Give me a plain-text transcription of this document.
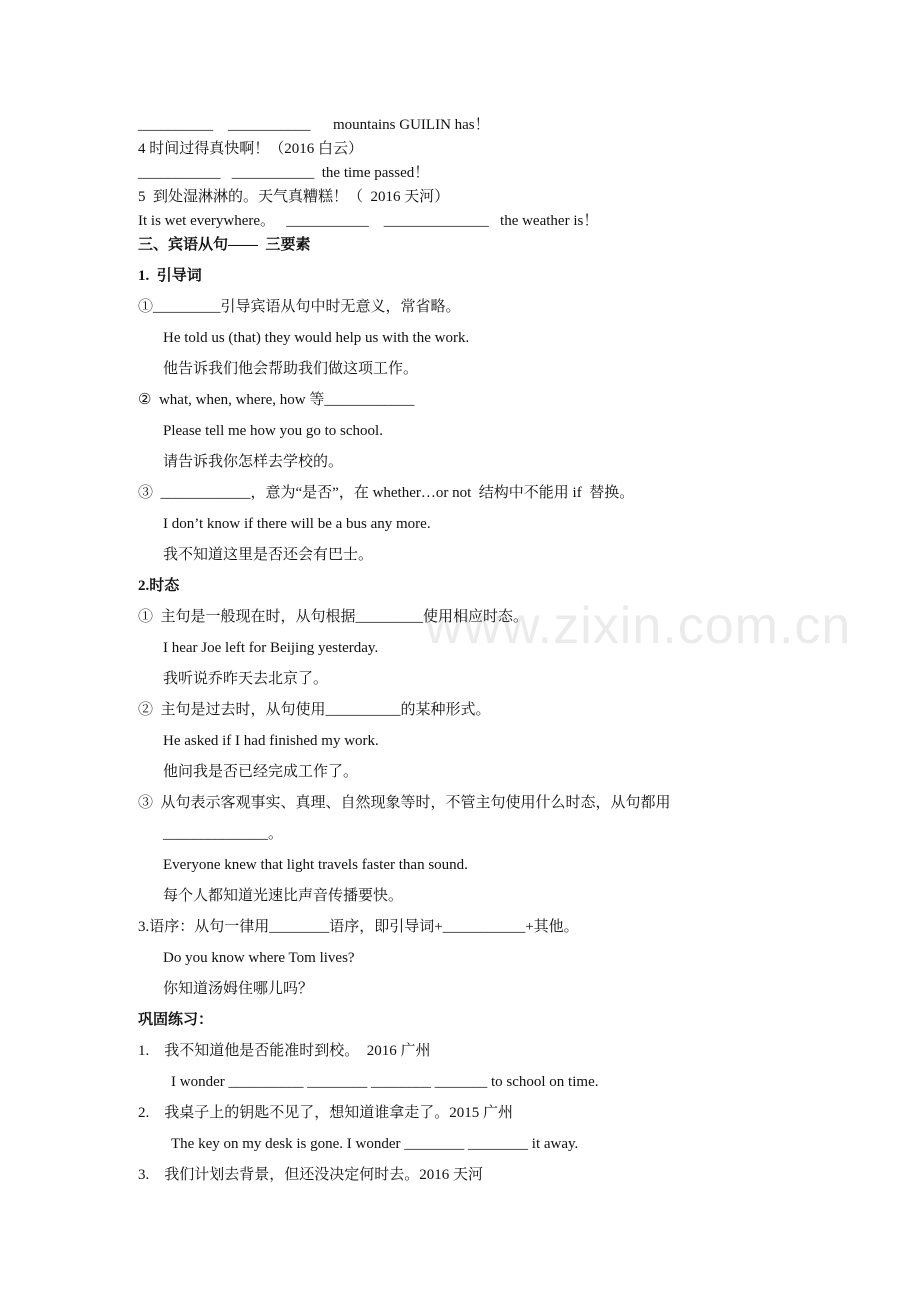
__________    ___________      mountains GUILIN has！
4 时间过得真快啊！（2016 白云）
___________   ___________  the time passed！
5  到处湿淋淋的。天气真糟糕！（  2016 天河）
It is wet everywhere。   ___________    ______________   the weather is！
三、宾语从句——  三要素
1.  引导词
①_________引导宾语从句中时无意义，常省略。
He told us (that) they would help us with the work.
他告诉我们他会帮助我们做这项工作。
②  what, when, where, how 等____________
Please tell me how you go to school.
请告诉我你怎样去学校的。
③  ____________，意为“是否”，在 whether…or not  结构中不能用 if  替换。
I don’t know if there will be a bus any more.
我不知道这里是否还会有巴士。
2.时态
①  主句是一般现在时，从句根据_________使用相应时态。
I hear Joe left for Beijing yesterday.
我听说乔昨天去北京了。
②  主句是过去时，从句使用__________的某种形式。
He asked if I had finished my work.
他问我是否已经完成工作了。
③  从句表示客观事实、真理、自然现象等时，不管主句使用什么时态，从句都用
______________。
Everyone knew that light travels faster than sound.
每个人都知道光速比声音传播要快。
3.语序：从句一律用________语序，即引导词+___________+其他。
Do you know where Tom lives?
你知道汤姆住哪儿吗？
巩固练习：
1.    我不知道他是否能准时到校。  2016 广州
I wonder __________ ________ ________ _______ to school on time.
2.    我桌子上的钥匙不见了，想知道谁拿走了。2015 广州
The key on my desk is gone. I wonder ________ ________ it away.
3.    我们计划去背景，但还没决定何时去。2016 天河
www.zixin.com.cn
